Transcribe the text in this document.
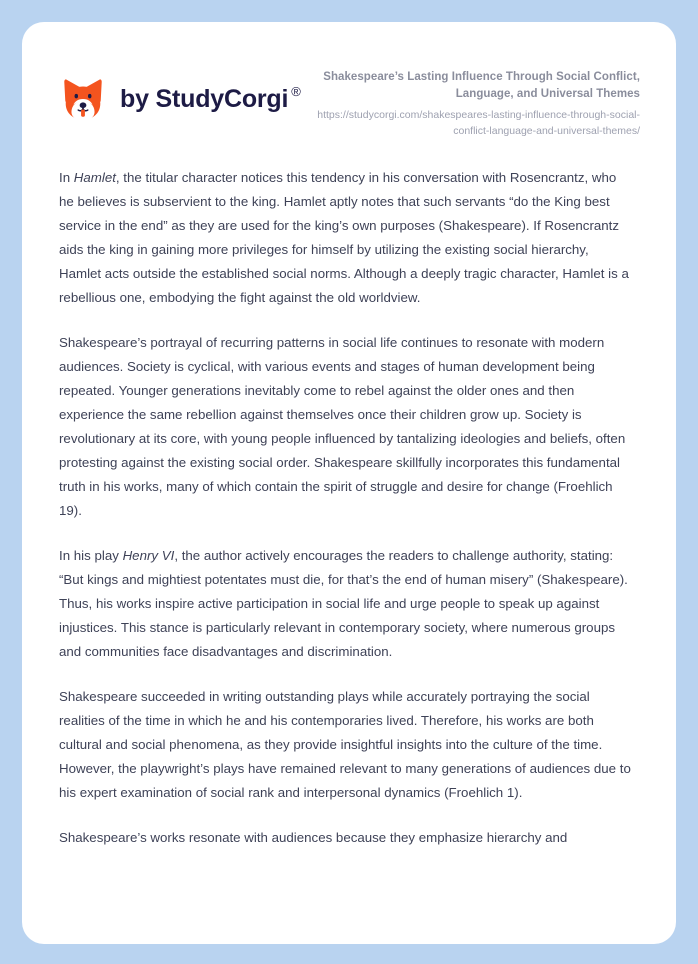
by StudyCorgi ®
Shakespeare’s Lasting Influence Through Social Conflict, Language, and Universal Themes
https://studycorgi.com/shakespeares-lasting-influence-through-social-conflict-language-and-universal-themes/

In Hamlet, the titular character notices this tendency in his conversation with Rosencrantz, who he believes is subservient to the king. Hamlet aptly notes that such servants “do the King best service in the end” as they are used for the king’s own purposes (Shakespeare). If Rosencrantz aids the king in gaining more privileges for himself by utilizing the existing social hierarchy, Hamlet acts outside the established social norms. Although a deeply tragic character, Hamlet is a rebellious one, embodying the fight against the old worldview.

Shakespeare’s portrayal of recurring patterns in social life continues to resonate with modern audiences. Society is cyclical, with various events and stages of human development being repeated. Younger generations inevitably come to rebel against the older ones and then experience the same rebellion against themselves once their children grow up. Society is revolutionary at its core, with young people influenced by tantalizing ideologies and beliefs, often protesting against the existing social order. Shakespeare skillfully incorporates this fundamental truth in his works, many of which contain the spirit of struggle and desire for change (Froehlich 19).

In his play Henry VI, the author actively encourages the readers to challenge authority, stating: “But kings and mightiest potentates must die, for that’s the end of human misery” (Shakespeare). Thus, his works inspire active participation in social life and urge people to speak up against injustices. This stance is particularly relevant in contemporary society, where numerous groups and communities face disadvantages and discrimination.

Shakespeare succeeded in writing outstanding plays while accurately portraying the social realities of the time in which he and his contemporaries lived. Therefore, his works are both cultural and social phenomena, as they provide insightful insights into the culture of the time. However, the playwright’s plays have remained relevant to many generations of audiences due to his expert examination of social rank and interpersonal dynamics (Froehlich 1).

Shakespeare’s works resonate with audiences because they emphasize hierarchy and
